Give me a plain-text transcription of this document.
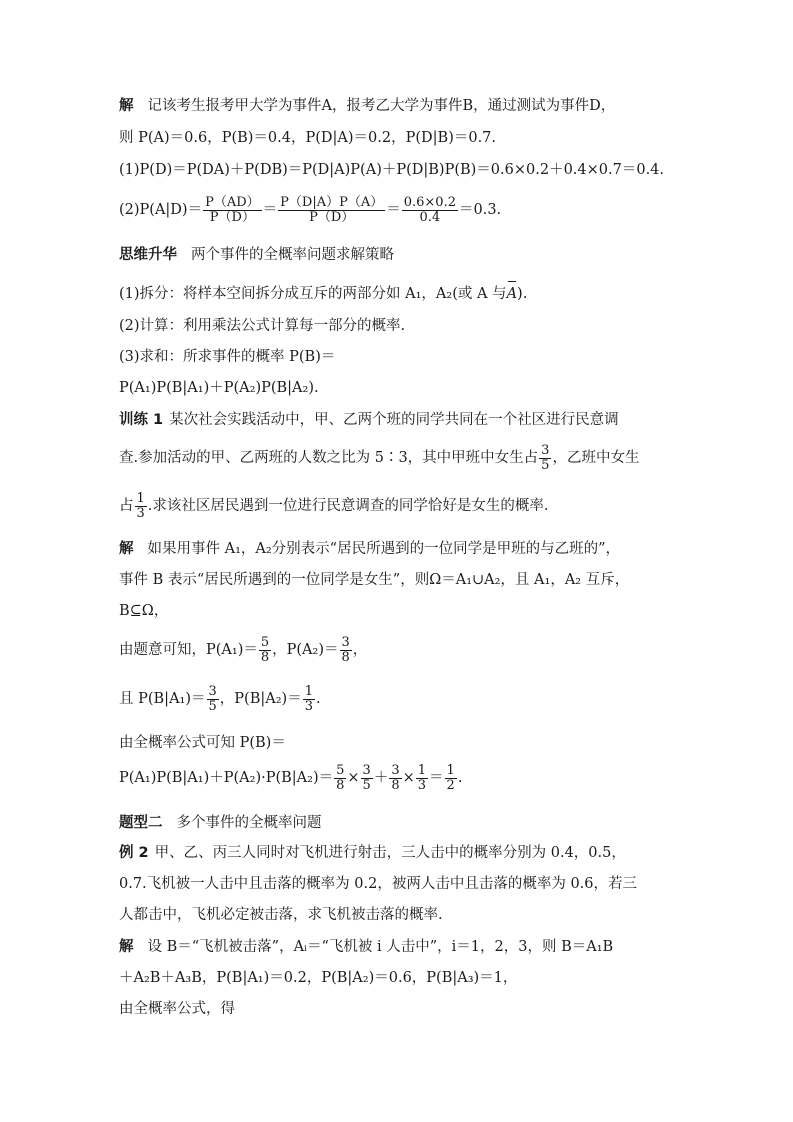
解 记该考生报考甲大学为事件A，报考乙大学为事件B，通过测试为事件D，
则 P(A)＝0.6，P(B)＝0.4，P(D|A)＝0.2，P(D|B)＝0.7.
(1)P(D)＝P(DA)＋P(DB)＝P(D|A)P(A)＋P(D|B)P(B)＝0.6×0.2＋0.4×0.7＝0.4.
$(2)P(A|D)= \frac{P(AD)}{P(D)} = \frac{P(D|A)P(A)}{P(D)} = \frac{0.6\times 0.2}{0.4} =0.3$.
思维升华 两个事件的全概率问题求解策略
(1)拆分：将样本空间拆分成互斥的两部分如 A₁，A₂(或 A 与A).
(2)计算：利用乘法公式计算每一部分的概率.
(3)求和：所求事件的概率 P(B)＝
P(A₁)P(B|A₁)＋P(A₂)P(B|A₂).
训练 1 某次社会实践活动中，甲、乙两个班的同学共同在一个社区进行民意调
查.参加活动的甲、乙两班的人数之比为 5∶3，其中甲班中女生占 $\frac{3}{5}$ ，乙班中女生
占 $\frac{1}{3}$ .求该社区居民遇到一位进行民意调查的同学恰好是女生的概率.
解 如果用事件 A₁，A₂分别表示“居民所遇到的一位同学是甲班的与乙班的”，
事件 B 表示“居民所遇到的一位同学是女生”，则Ω＝A₁∪A₂，且 A₁，A₂ 互斥，
B⊆Ω，
由题意可知，$P(A_1)= \frac{5}{8}$ ，$P(A_2)= \frac{3}{8}$ ，
且 $P(B|A_1)= \frac{3}{5}$ ，$P(B|A_2)= \frac{1}{3}$ .
由全概率公式可知 P(B)＝
$P(A_1)P(B|A_1)+P(A_2)\cdot P(B|A_2)= \frac{5}{8} \times \frac{3}{5} + \frac{3}{8} \times \frac{1}{3} = \frac{1}{2}$ .
题型二 多个事件的全概率问题
例 2 甲、乙、丙三人同时对飞机进行射击，三人击中的概率分别为 0.4，0.5，
0.7.飞机被一人击中且击落的概率为 0.2，被两人击中且击落的概率为 0.6，若三
人都击中，飞机必定被击落，求飞机被击落的概率.
解 设 B＝“飞机被击落”，Aᵢ＝“飞机被 i 人击中”，i＝1，2，3，则 B＝A₁B
＋A₂B＋A₃B，P(B|A₁)＝0.2，P(B|A₂)＝0.6，P(B|A₃)＝1，
由全概率公式，得
